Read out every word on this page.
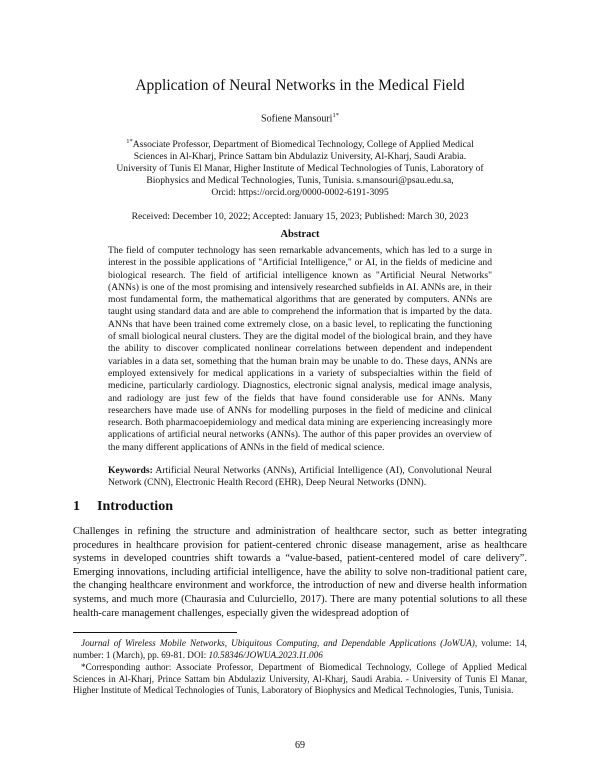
Application of Neural Networks in the Medical Field
Sofiene Mansouri$^{1*}$
$^{1*}$Associate Professor, Department of Biomedical Technology, College of Applied Medical
Sciences in Al-Kharj, Prince Sattam bin Abdulaziz University, Al-Kharj, Saudi Arabia.
University of Tunis El Manar, Higher Institute of Medical Technologies of Tunis, Laboratory of
Biophysics and Medical Technologies, Tunis, Tunisia. s.mansouri@psau.edu.sa,
Orcid: https://orcid.org/0000-0002-6191-3095
Received: December 10, 2022; Accepted: January 15, 2023; Published: March 30, 2023
Abstract
The field of computer technology has seen remarkable advancements, which has led to a surge in interest in the possible applications of "Artificial Intelligence," or AI, in the fields of medicine and biological research. The field of artificial intelligence known as "Artificial Neural Networks" (ANNs) is one of the most promising and intensively researched subfields in AI. ANNs are, in their most fundamental form, the mathematical algorithms that are generated by computers. ANNs are taught using standard data and are able to comprehend the information that is imparted by the data. ANNs that have been trained come extremely close, on a basic level, to replicating the functioning of small biological neural clusters. They are the digital model of the biological brain, and they have the ability to discover complicated nonlinear correlations between dependent and independent variables in a data set, something that the human brain may be unable to do. These days, ANNs are employed extensively for medical applications in a variety of subspecialties within the field of medicine, particularly cardiology. Diagnostics, electronic signal analysis, medical image analysis, and radiology are just few of the fields that have found considerable use for ANNs. Many researchers have made use of ANNs for modelling purposes in the field of medicine and clinical research. Both pharmacoepidemiology and medical data mining are experiencing increasingly more applications of artificial neural networks (ANNs). The author of this paper provides an overview of the many different applications of ANNs in the field of medical science.
Keywords: Artificial Neural Networks (ANNs), Artificial Intelligence (AI), Convolutional Neural Network (CNN), Electronic Health Record (EHR), Deep Neural Networks (DNN).
1 Introduction
Challenges in refining the structure and administration of healthcare sector, such as better integrating procedures in healthcare provision for patient-centered chronic disease management, arise as healthcare systems in developed countries shift towards a “value-based, patient-centered model of care delivery”. Emerging innovations, including artificial intelligence, have the ability to solve non-traditional patient care, the changing healthcare environment and workforce, the introduction of new and diverse health information systems, and much more (Chaurasia and Culurciello, 2017). There are many potential solutions to all these health-care management challenges, especially given the widespread adoption of
Journal of Wireless Mobile Networks, Ubiquitous Computing, and Dependable Applications (JoWUA), volume: 14, number: 1 (March), pp. 69-81. DOI: 10.58346/JOWUA.2023.I1.006
*Corresponding author: Associate Professor, Department of Biomedical Technology, College of Applied Medical Sciences in Al-Kharj, Prince Sattam bin Abdulaziz University, Al-Kharj, Saudi Arabia. - University of Tunis El Manar, Higher Institute of Medical Technologies of Tunis, Laboratory of Biophysics and Medical Technologies, Tunis, Tunisia.
69
